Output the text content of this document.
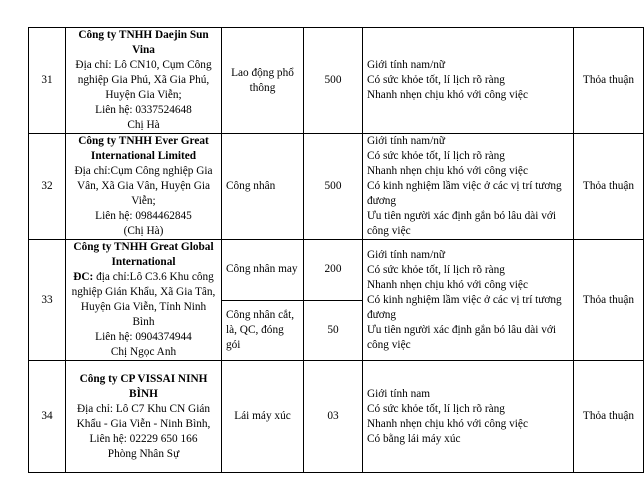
31	Công ty TNHH Daejin Sun Vina
Địa chỉ: Lô CN10, Cụm Công nghiệp Gia Phú, Xã Gia Phú, Huyện Gia Viễn;
Liên hệ: 0337524648
Chị Hà	Lao động phổ thông	500	Giới tính nam/nữ
Có sức khỏe tốt, lí lịch rõ ràng
Nhanh nhẹn chịu khó với công việc	Thỏa thuận
32	Công ty TNHH Ever Great International Limited
Địa chỉ:Cụm Công nghiệp Gia Vân, Xã Gia Vân, Huyện Gia Viễn;
Liên hệ: 0984462845
(Chị Hà)	Công nhân	500	Giới tính nam/nữ
Có sức khỏe tốt, lí lịch rõ ràng
Nhanh nhẹn chịu khó với công việc
Có kinh nghiệm lầm việc ở các vị trí tương đương
Ưu tiên người xác định gắn bó lâu dài với công việc	Thỏa thuận
33	Công ty TNHH Great Global International
ĐC: địa chỉ:Lô C3.6 Khu công nghiệp Gián Khẩu, Xã Gia Tân, Huyện Gia Viễn, Tỉnh Ninh Bình
Liên hệ: 0904374944
Chị Ngọc Anh	Công nhân may	200	Giới tính nam/nữ
Có sức khỏe tốt, lí lịch rõ ràng
Nhanh nhẹn chịu khó với công việc
Có kinh nghiệm lầm việc ở các vị trí tương đương
Ưu tiên người xác định gắn bó lâu dài với công việc	Thỏa thuận
		Công nhân cắt, là, QC, đóng gói	50		
34	Công ty CP VISSAI NINH BÌNH
Địa chỉ: Lô C7 Khu CN Gián Khẩu - Gia Viễn - Ninh Bình,
Liên hệ: 02229 650 166
Phòng Nhân Sự	Lái máy xúc	03	Giới tính nam
Có sức khỏe tốt, lí lịch rõ ràng
Nhanh nhẹn chịu khó với công việc
Có bằng lái máy xúc	Thỏa thuận
